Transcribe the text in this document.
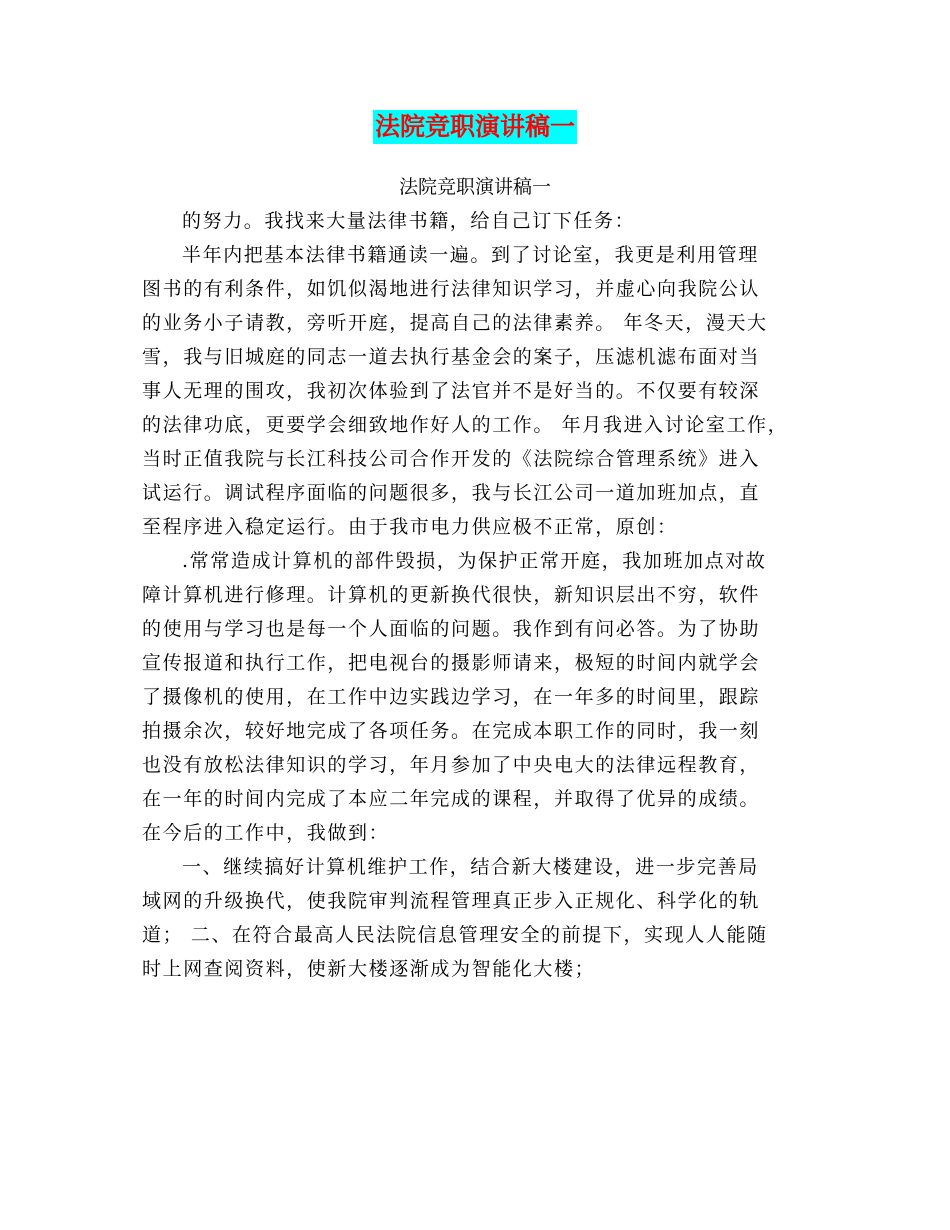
法院竞职演讲稿一
法院竞职演讲稿一
的努力。我找来大量法律书籍，给自己订下任务：
半年内把基本法律书籍通读一遍。到了讨论室，我更是利用管理
图书的有利条件，如饥似渴地进行法律知识学习，并虚心向我院公认
的业务小子请教，旁听开庭，提高自己的法律素养。 年冬天，漫天大
雪，我与旧城庭的同志一道去执行基金会的案子，压滤机滤布面对当
事人无理的围攻，我初次体验到了法官并不是好当的。不仅要有较深
的法律功底，更要学会细致地作好人的工作。 年月我进入讨论室工作，
当时正值我院与长江科技公司合作开发的《法院综合管理系统》进入
试运行。调试程序面临的问题很多，我与长江公司一道加班加点，直
至程序进入稳定运行。由于我市电力供应极不正常，原创：
.常常造成计算机的部件毁损，为保护正常开庭，我加班加点对故
障计算机进行修理。计算机的更新换代很快，新知识层出不穷，软件
的使用与学习也是每一个人面临的问题。我作到有问必答。为了协助
宣传报道和执行工作，把电视台的摄影师请来，极短的时间内就学会
了摄像机的使用，在工作中边实践边学习，在一年多的时间里，跟踪
拍摄余次，较好地完成了各项任务。在完成本职工作的同时，我一刻
也没有放松法律知识的学习，年月参加了中央电大的法律远程教育，
在一年的时间内完成了本应二年完成的课程，并取得了优异的成绩。
在今后的工作中，我做到：
一、继续搞好计算机维护工作，结合新大楼建设，进一步完善局
域网的升级换代，使我院审判流程管理真正步入正规化、科学化的轨
道； 二、在符合最高人民法院信息管理安全的前提下，实现人人能随
时上网查阅资料，使新大楼逐渐成为智能化大楼；
